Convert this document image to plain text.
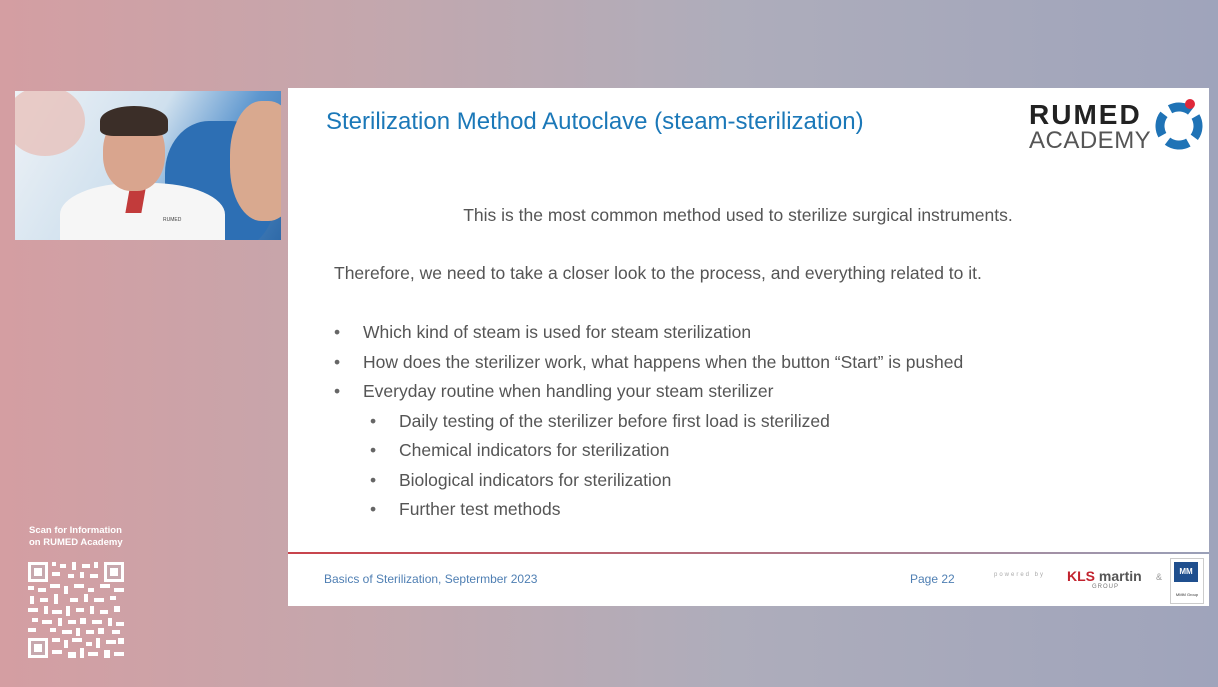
RUMED
Sterilization Method Autoclave (steam-sterilization)	RUMED
ACADEMY
This is the most common method used to sterilize surgical instruments.
Therefore, we need to take a closer look to the process, and everything related to it.
• Which kind of steam is used for steam sterilization
• How does the sterilizer work, what happens when the button “Start” is pushed
• Everyday routine when handling your steam sterilizer
• Daily testing of the sterilizer before first load is sterilized
• Chemical indicators for sterilization
• Biological indicators for sterilization
• Further test methods
Basics of Sterilization, Septermber 2023	Page 22	powered by KLS martin
GROUP
&
MM
MMM Group
Scan for Information
on RUMED Academy
